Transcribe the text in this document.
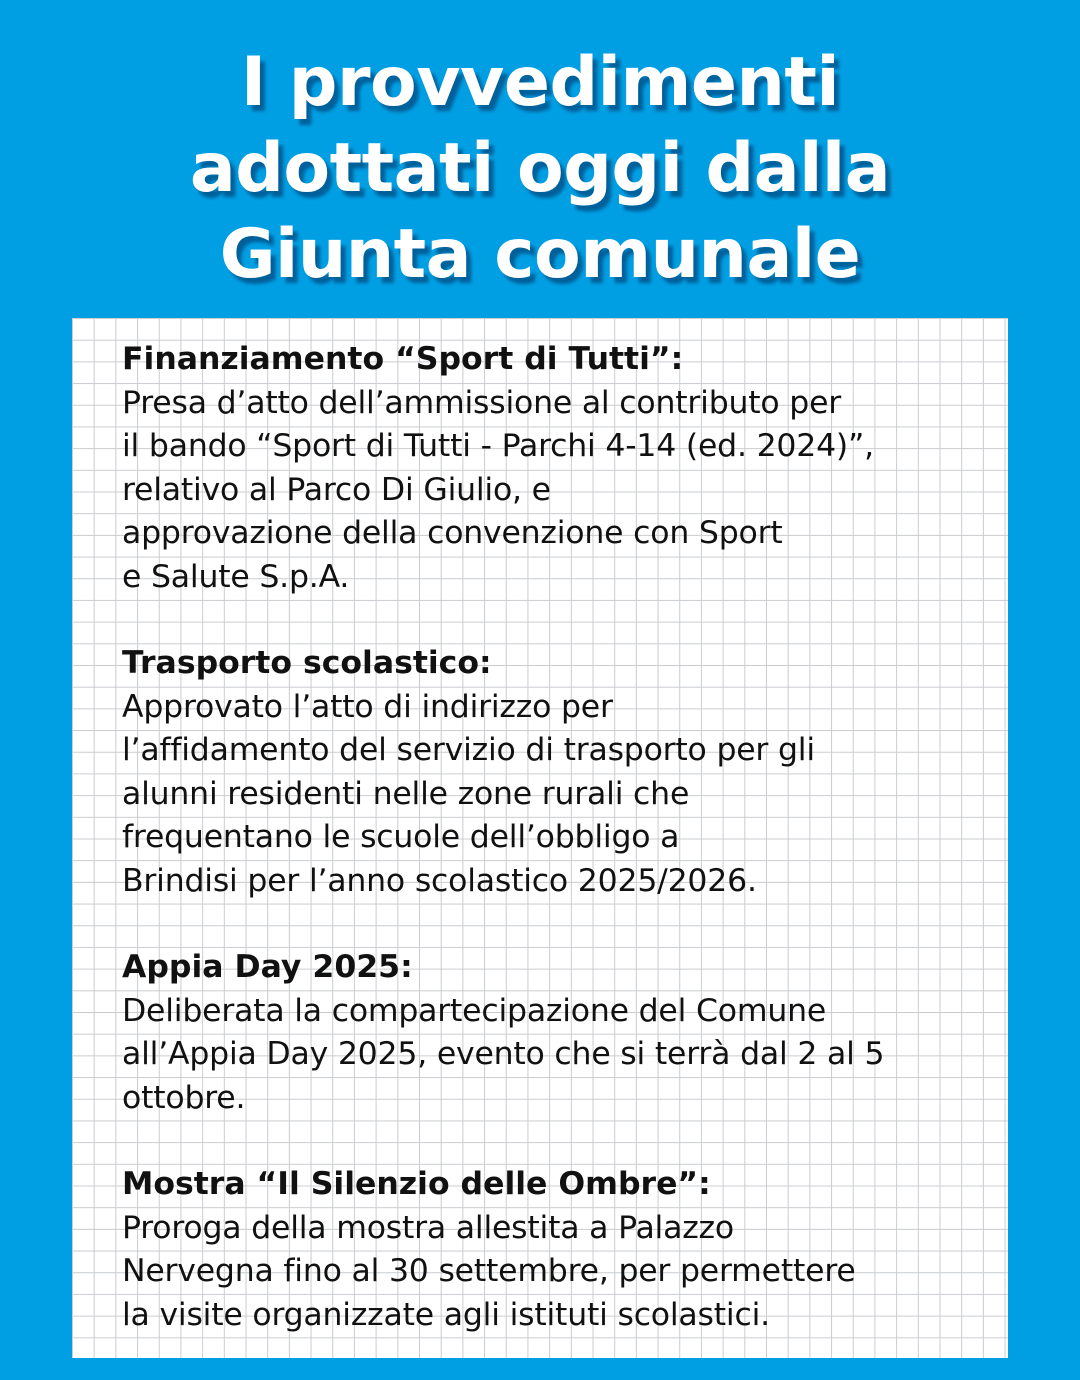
I provvedimenti
adottati oggi dalla
Giunta comunale
Finanziamento “Sport di Tutti”:
Presa d’atto dell’ammissione al contributo per
il bando “Sport di Tutti - Parchi 4-14 (ed. 2024)”,
relativo al Parco Di Giulio, e
approvazione della convenzione con Sport
e Salute S.p.A.
Trasporto scolastico:
Approvato l’atto di indirizzo per
l’affidamento del servizio di trasporto per gli
alunni residenti nelle zone rurali che
frequentano le scuole dell’obbligo a
Brindisi per l’anno scolastico 2025/2026.
Appia Day 2025:
Deliberata la compartecipazione del Comune
all’Appia Day 2025, evento che si terrà dal 2 al 5
ottobre.
Mostra “Il Silenzio delle Ombre”:
Proroga della mostra allestita a Palazzo
Nervegna fino al 30 settembre, per permettere
la visite organizzate agli istituti scolastici.
